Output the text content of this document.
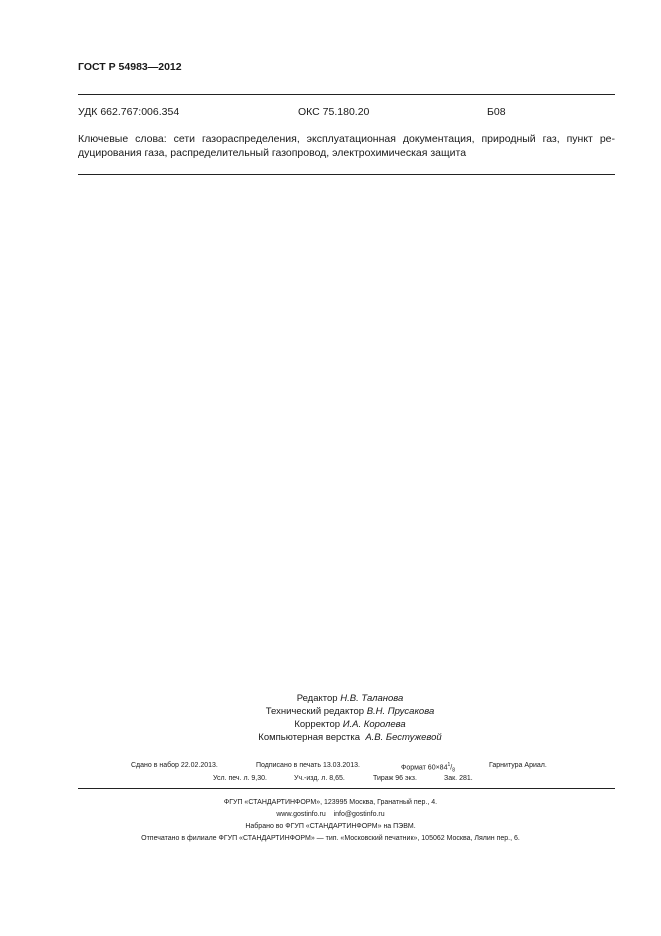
ГОСТ Р 54983—2012
УДК 662.767:006.354	ОКС 75.180.20	Б08
Ключевые слова: сети газораспределения, эксплуатационная документация, природный газ, пункт ре-
дуцирования газа, распределительный газопровод, электрохимическая защита
Редактор Н.В. Таланова
Технический редактор В.Н. Прусакова
Корректор И.А. Королева
Компьютерная верстка А.В. Бестужевой
Сдано в набор 22.02.2013.	Подписано в печать 13.03.2013.	Формат $60\times 84^1/_8$
Гарнитура Ариал.
Усл. печ. л. 9,30.	Уч.-изд. л. 8,65.	Тираж 96 экз.	Зак. 281.
ФГУП «СТАНДАРТИНФОРМ», 123995 Москва, Гранатный пер., 4.
www.gostinfo.ru info@gostinfo.ru
Набрано во ФГУП «СТАНДАРТИНФОРМ» на ПЭВМ.
Отпечатано в филиале ФГУП «СТАНДАРТИНФОРМ» — тип. «Московский печатник», 105062 Москва, Лялин пер., 6.
